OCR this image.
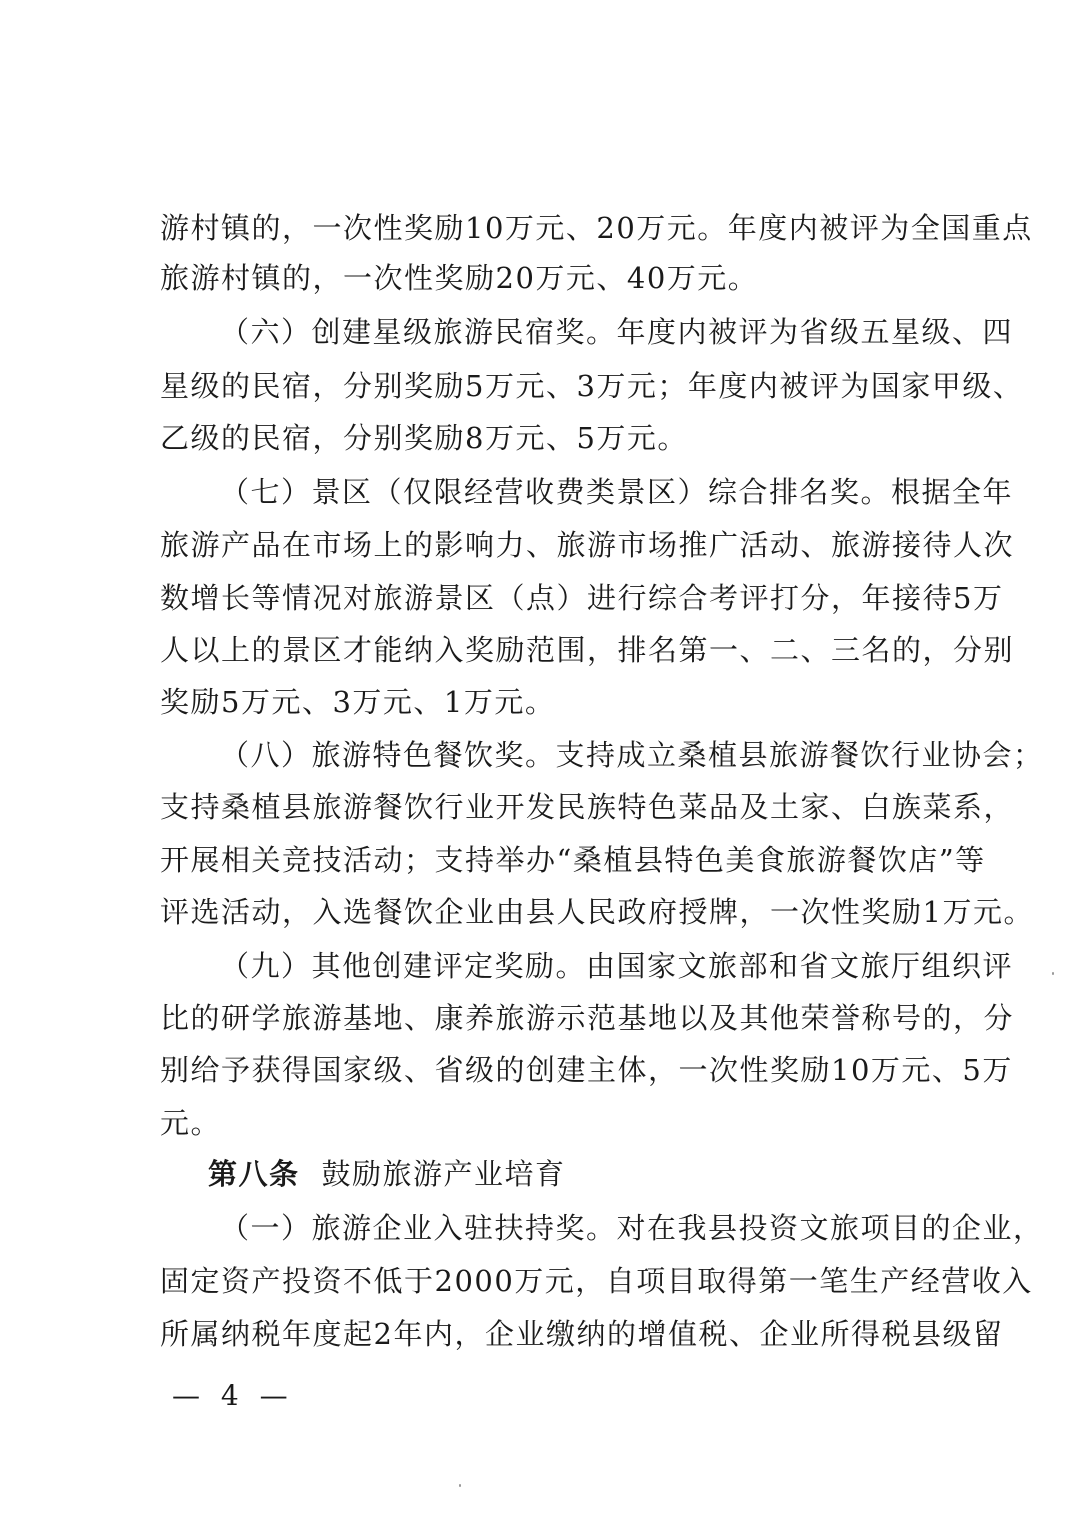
游村镇的，一次性奖励10万元、20万元。年度内被评为全国重点
旅游村镇的，一次性奖励20万元、40万元。
（六）创建星级旅游民宿奖。年度内被评为省级五星级、四
星级的民宿，分别奖励5万元、3万元；年度内被评为国家甲级、
乙级的民宿，分别奖励8万元、5万元。
（七）景区（仅限经营收费类景区）综合排名奖。根据全年
旅游产品在市场上的影响力、旅游市场推广活动、旅游接待人次
数增长等情况对旅游景区（点）进行综合考评打分，年接待5万
人以上的景区才能纳入奖励范围，排名第一、二、三名的，分别
奖励5万元、3万元、1万元。
（八）旅游特色餐饮奖。支持成立桑植县旅游餐饮行业协会；
支持桑植县旅游餐饮行业开发民族特色菜品及土家、白族菜系，
开展相关竞技活动；支持举办“桑植县特色美食旅游餐饮店”等
评选活动，入选餐饮企业由县人民政府授牌，一次性奖励1万元。
（九）其他创建评定奖励。由国家文旅部和省文旅厅组织评
比的研学旅游基地、康养旅游示范基地以及其他荣誉称号的，分
别给予获得国家级、省级的创建主体，一次性奖励10万元、5万
元。
第八条 鼓励旅游产业培育
（一）旅游企业入驻扶持奖。对在我县投资文旅项目的企业，
固定资产投资不低于2000万元，自项目取得第一笔生产经营收入
所属纳税年度起2年内，企业缴纳的增值税、企业所得税县级留
— 4 —
